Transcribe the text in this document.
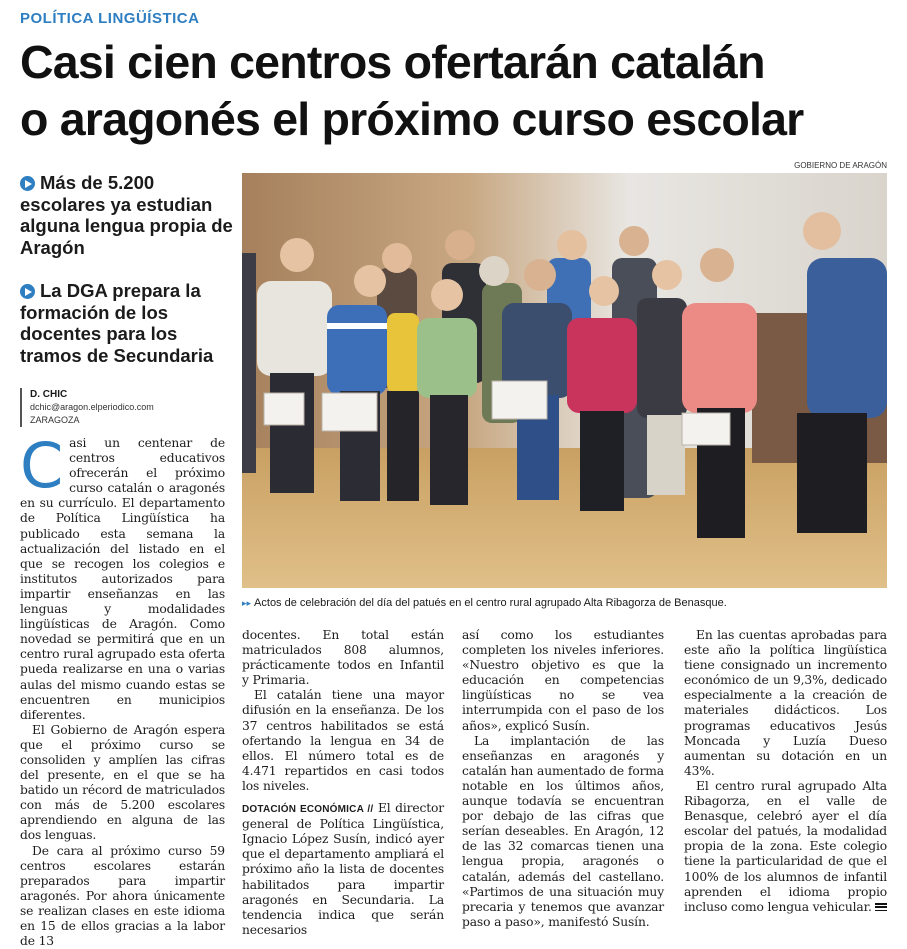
POLÍTICA LINGÜÍSTICA
Casi cien centros ofertarán catalán
o aragonés el próximo curso escolar
Más de 5.200 escolares ya estudian alguna lengua propia de Aragón
La DGA prepara la formación de los docentes para los tramos de Secundaria
D. CHIC
dchic@aragon.elperiodico.com
ZARAGOZA
GOBIERNO DE ARAGÓN
▸▸ Actos de celebración del día del patués en el centro rural agrupado Alta Ribagorza de Benasque.

Casi un centenar de centros educativos ofrecerán el próximo curso catalán o aragonés en su currículo. El departamento de Política Lingüística ha publicado esta semana la actualización del listado en el que se recogen los colegios e institutos autorizados para impartir enseñanzas en las lenguas y modalidades lingüísticas de Aragón. Como novedad se permitirá que en un centro rural agrupado esta oferta pueda realizarse en una o varias aulas del mismo cuando estas se encuentren en municipios diferentes.

El Gobierno de Aragón espera que el próximo curso se consoliden y amplíen las cifras del presente, en el que se ha batido un récord de matriculados con más de 5.200 escolares aprendiendo en alguna de las dos lenguas.

De cara al próximo curso 59 centros escolares estarán preparados para impartir aragonés. Por ahora únicamente se realizan clases en este idioma en 15 de ellos gracias a la labor de 13

docentes. En total están matriculados 808 alumnos, prácticamente todos en Infantil y Primaria.

El catalán tiene una mayor difusión en la enseñanza. De los 37 centros habilitados se está ofertando la lengua en 34 de ellos. El número total es de 4.471 repartidos en casi todos los niveles.

DOTACIÓN ECONÓMICA // El director general de Política Lingüística, Ignacio López Susín, indicó ayer que el departamento ampliará el próximo año la lista de docentes habilitados para impartir aragonés en Secundaria. La tendencia indica que serán necesarios

así como los estudiantes completen los niveles inferiores. «Nuestro objetivo es que la educación en competencias lingüísticas no se vea interrumpida con el paso de los años», explicó Susín.

La implantación de las enseñanzas en aragonés y catalán han aumentado de forma notable en los últimos años, aunque todavía se encuentran por debajo de las cifras que serían deseables. En Aragón, 12 de las 32 comarcas tienen una lengua propia, aragonés o catalán, además del castellano. «Partimos de una situación muy precaria y tenemos que avanzar paso a paso», manifestó Susín.

En las cuentas aprobadas para este año la política lingüística tiene consignado un incremento económico de un 9,3%, dedicado especialmente a la creación de materiales didácticos. Los programas educativos Jesús Moncada y Luzía Dueso aumentan su dotación en un 43%.

El centro rural agrupado Alta Ribagorza, en el valle de Benasque, celebró ayer el día escolar del patués, la modalidad propia de la zona. Este colegio tiene la particularidad de que el 100% de los alumnos de infantil aprenden el idioma propio incluso como lengua vehicular.
